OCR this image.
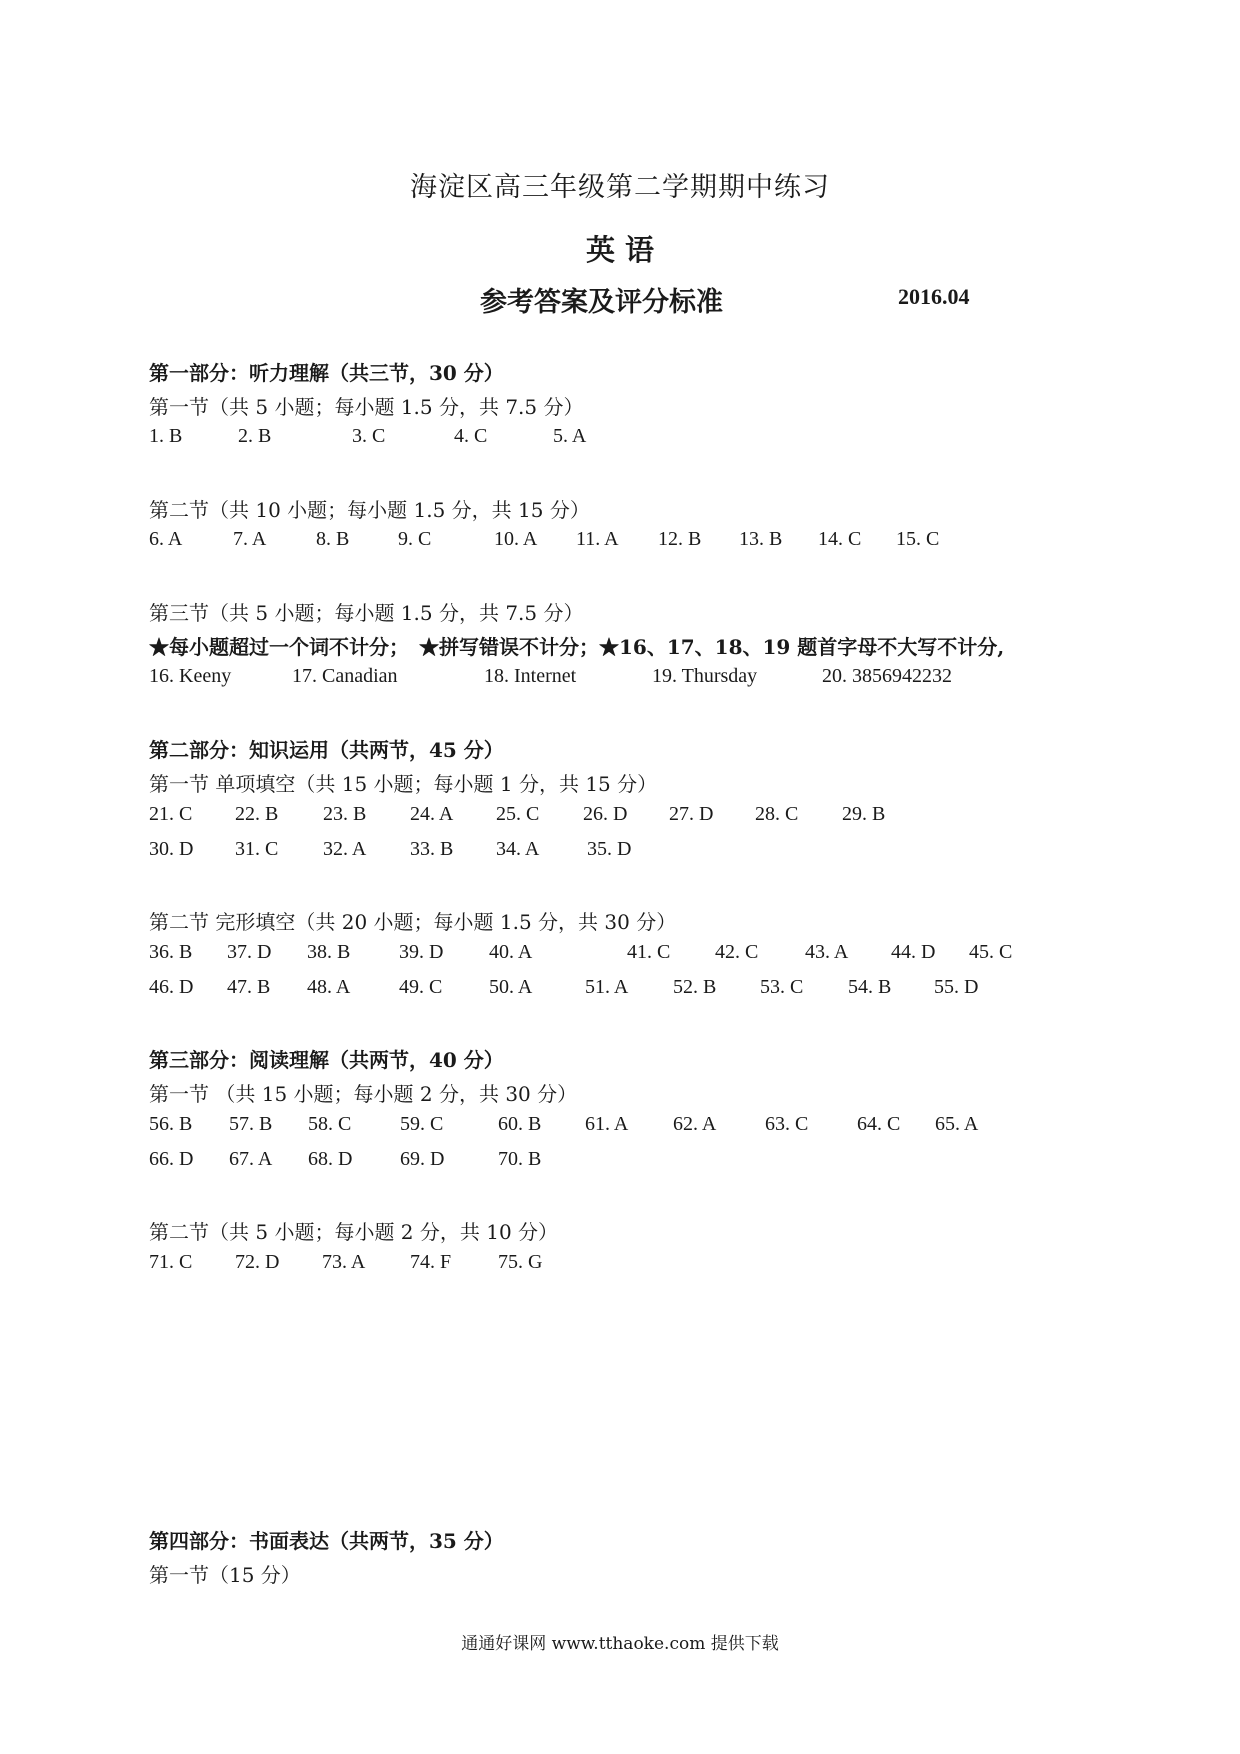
海淀区高三年级第二学期期中练习
英 语
参考答案及评分标准	2016.04
第一部分：听力理解（共三节，30 分）
第一节（共 5 小题；每小题 1.5 分，共 7.5 分）
1. B	2. B	3. C	4. C	5. A
第二节（共 10 小题；每小题 1.5 分，共 15 分）
6. A	7. A 8. B 9. C	10. A 11. A 12. B 13. B 14. C 15. C
第三节（共 5 小题；每小题 1.5 分，共 7.5 分）
★每小题超过一个词不计分；　★拼写错误不计分；★16、17、18、19 题首字母不大写不计分,
16. Keeny	17. Canadian	18. Internet	19. Thursday	20. 3856942232
第二部分：知识运用（共两节，45 分）
第一节 单项填空（共 15 小题；每小题 1 分，共 15 分）
21. C 22. B 23. B 24. A 25. C 26. D 27. D 28. C 29. B
30. D 31. C 32. A 33. B 34. A 35. D
第二节 完形填空（共 20 小题；每小题 1.5 分，共 30 分）
36. B 37. D 38. B 39. D 40. A	41. C 42. C 43. A 44. D 45. C
46. D 47. B 48. A 49. C 50. A	51. A 52. B 53. C 54. B 55. D
第三部分：阅读理解（共两节，40 分）
第一节 （共 15 小题；每小题 2 分，共 30 分）
56. B 57. B 58. C 59. C	60. B 61. A 62. A 63. C 64. C 65. A
66. D 67. A 68. D 69. D	70. B
第二节（共 5 小题；每小题 2 分，共 10 分）
71. C 72. D 73. A 74. F 75. G
第四部分：书面表达（共两节，35 分）
第一节（15 分）
通通好课网 www.tthaoke.com 提供下载
